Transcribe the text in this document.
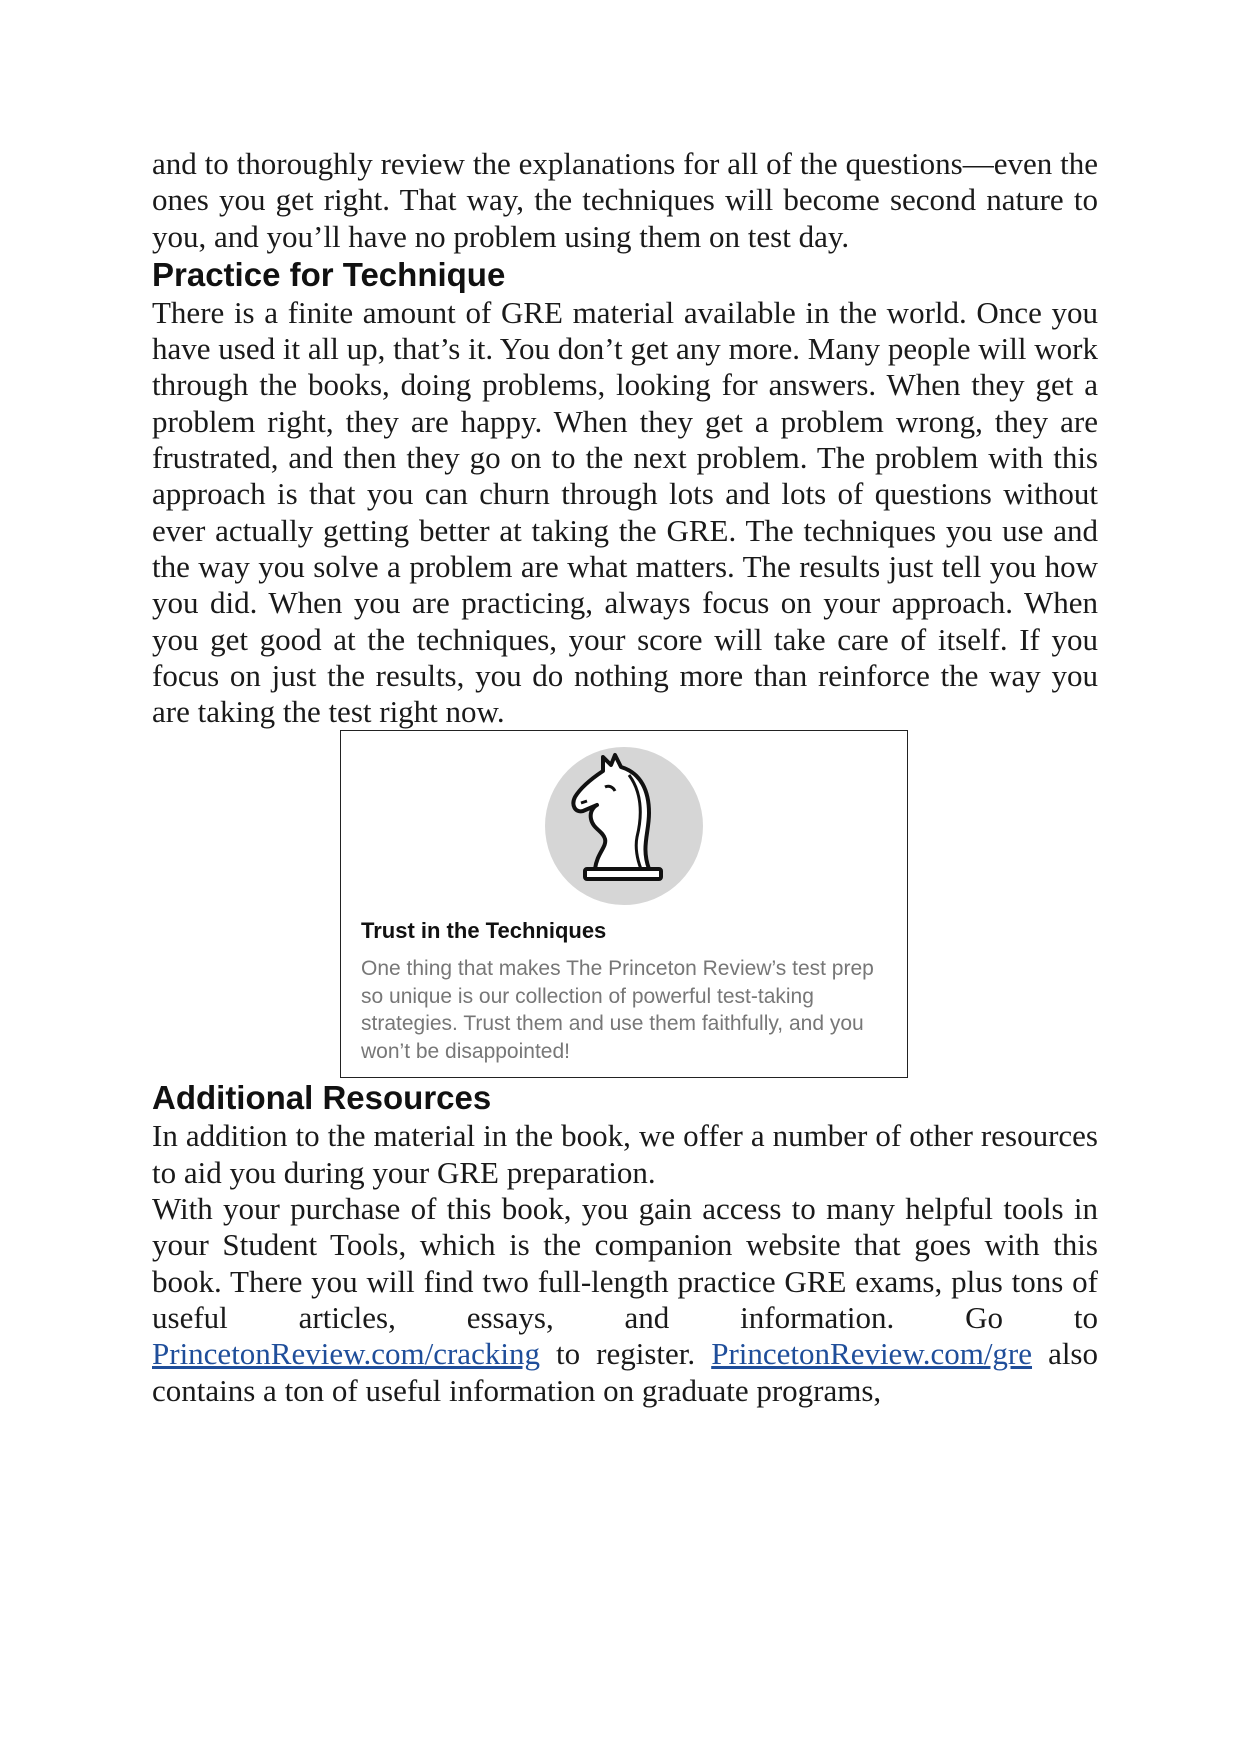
and to thoroughly review the explanations for all of the questions—even the ones you get right. That way, the techniques will become second nature to you, and you’ll have no problem using them on test day.

Practice for Technique

There is a finite amount of GRE material available in the world. Once you have used it all up, that’s it. You don’t get any more. Many people will work through the books, doing problems, looking for answers. When they get a problem right, they are happy. When they get a problem wrong, they are frustrated, and then they go on to the next problem. The problem with this approach is that you can churn through lots and lots of questions without ever actually getting better at taking the GRE. The techniques you use and the way you solve a problem are what matters. The results just tell you how you did. When you are practicing, always focus on your approach. When you get good at the techniques, your score will take care of itself. If you focus on just the results, you do nothing more than reinforce the way you are taking the test right now.

Trust in the Techniques
One thing that makes The Princeton Review’s test prep so unique is our collection of powerful test-taking strategies. Trust them and use them faithfully, and you won’t be disappointed!
Additional Resources

In addition to the material in the book, we offer a number of other resources to aid you during your GRE preparation.

With your purchase of this book, you gain access to many helpful tools in your Student Tools, which is the companion website that goes with this book. There you will find two full-length practice GRE exams, plus tons of useful articles, essays, and information. Go to PrincetonReview.com/cracking to register. PrincetonReview.com/gre also contains a ton of useful information on graduate programs,
